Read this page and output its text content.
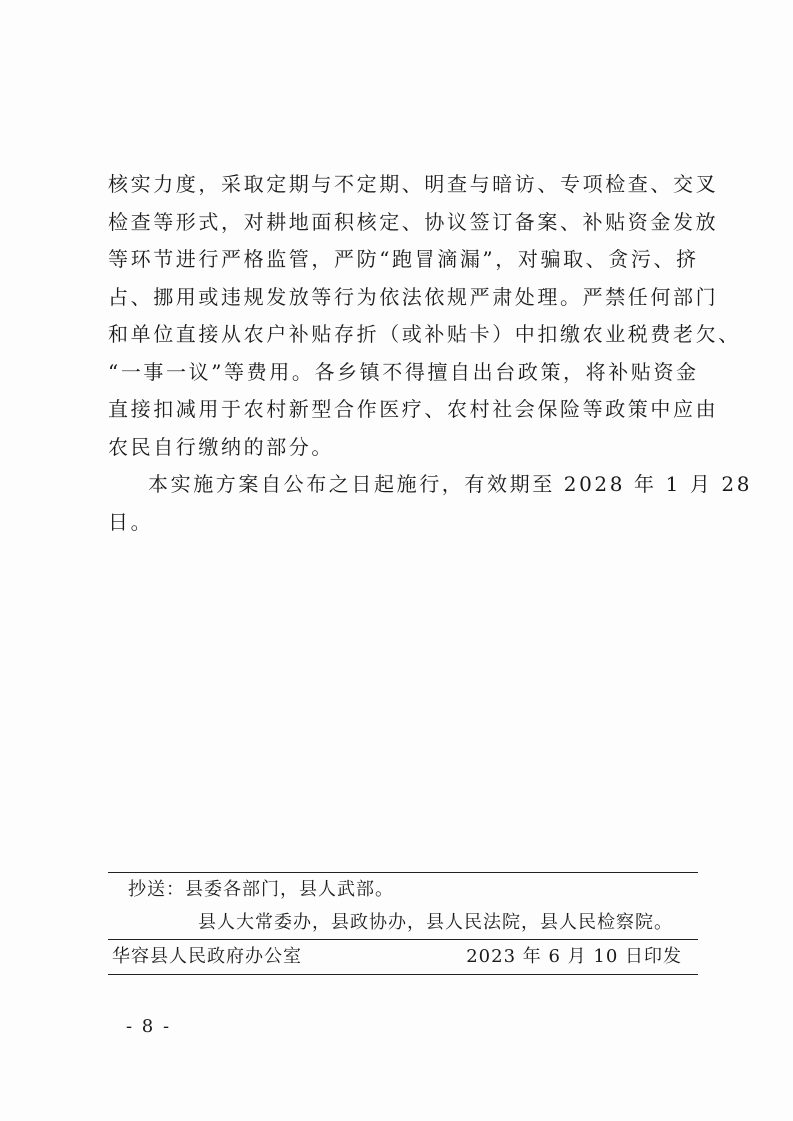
核实力度，采取定期与不定期、明查与暗访、专项检查、交叉
检查等形式，对耕地面积核定、协议签订备案、补贴资金发放
等环节进行严格监管，严防“跑冒滴漏”，对骗取、贪污、挤
占、挪用或违规发放等行为依法依规严肃处理。严禁任何部门
和单位直接从农户补贴存折（或补贴卡）中扣缴农业税费老欠、
“一事一议”等费用。各乡镇不得擅自出台政策，将补贴资金
直接扣减用于农村新型合作医疗、农村社会保险等政策中应由
农民自行缴纳的部分。
本实施方案自公布之日起施行，有效期至 2028 年 1 月 28
日。
抄送：县委各部门，县人武部。
县人大常委办，县政协办，县人民法院，县人民检察院。
华容县人民政府办公室	2023 年 6 月 10 日印发
- 8 -
